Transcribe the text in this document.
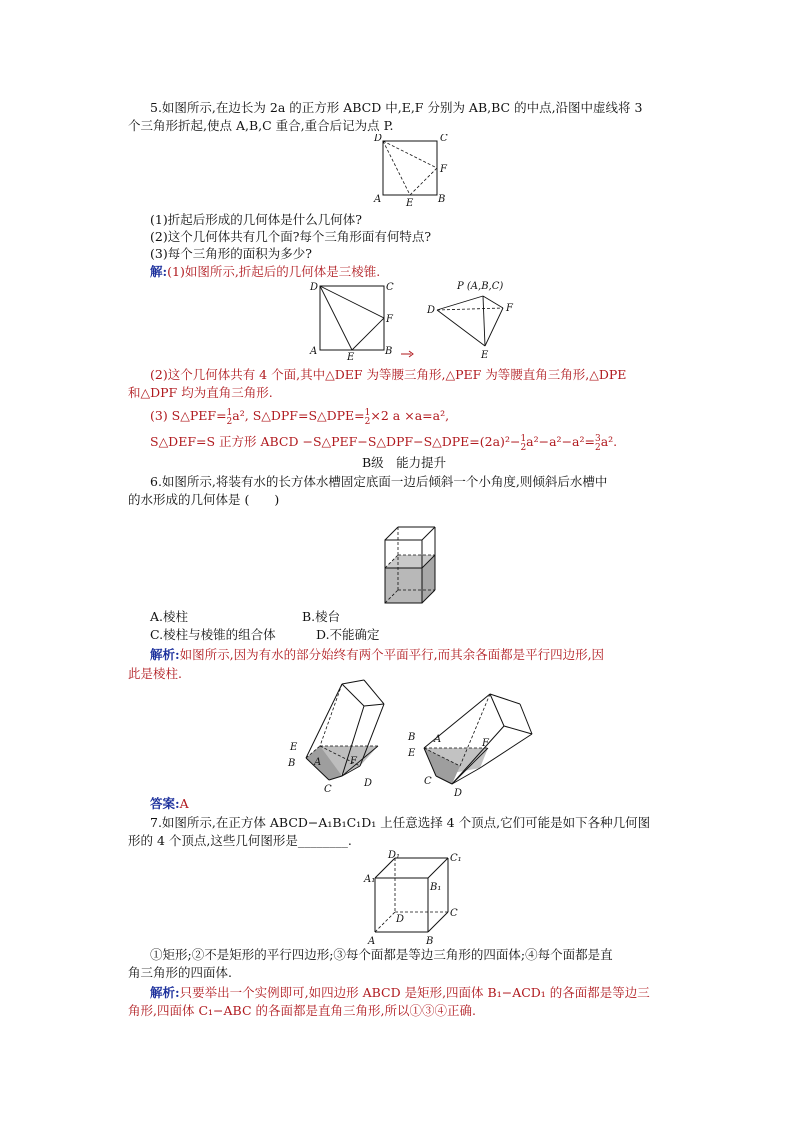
5.如图所示,在边长为 2a 的正方形 ABCD 中,E,F 分别为 AB,BC 的中点,沿图中虚线将 3
个三角形折起,使点 A,B,C 重合,重合后记为点 P.
D	C
F
A E B
(1)折起后形成的几何体是什么几何体?
(2)这个几何体共有几个面?每个三角形面有何特点?
(3)每个三角形的面积为多少?
解:(1)如图所示,折起后的几何体是三棱锥.
D	C
F
A
E
B
P (A,B,C)
D	F
E
(2)这个几何体共有 4 个面,其中△DEF 为等腰三角形,△PEF 为等腰直角三角形,△DPE
和△DPF 均为直角三角形.
(3) S△PEF=1
2a², S△DPF=S△DPE=1
2×2 a ×a=a²,
S△DEF=S 正方形 ABCD −S△PEF−S△DPF−S△DPE=(2a)²−1
2a²−a²−a²=3
2a².
B级　能力提升
6.如图所示,将装有水的长方体水槽固定底面一边后倾斜一个小角度,则倾斜后水槽中
的水形成的几何体是 (　　)
A.棱柱	B.棱台
C.棱柱与棱锥的组合体	D.不能确定
解析:如图所示,因为有水的部分始终有两个平面平行,而其余各面都是平行四边形,因
此是棱柱.
E
B A	F
C
D
B
E
A	F
C
D
答案:A
7.如图所示,在正方体 ABCD−A₁B₁C₁D₁ 上任意选择 4 个顶点,它们可能是如下各种几何图
形的 4 个顶点,这些几何图形是________.
D₁	C₁
A₁
B₁
D
C
A	B
①矩形;②不是矩形的平行四边形;③每个面都是等边三角形的四面体;④每个面都是直
角三角形的四面体.
解析:只要举出一个实例即可,如四边形 ABCD 是矩形,四面体 B₁−ACD₁ 的各面都是等边三
角形,四面体 C₁−ABC 的各面都是直角三角形,所以①③④正确.
